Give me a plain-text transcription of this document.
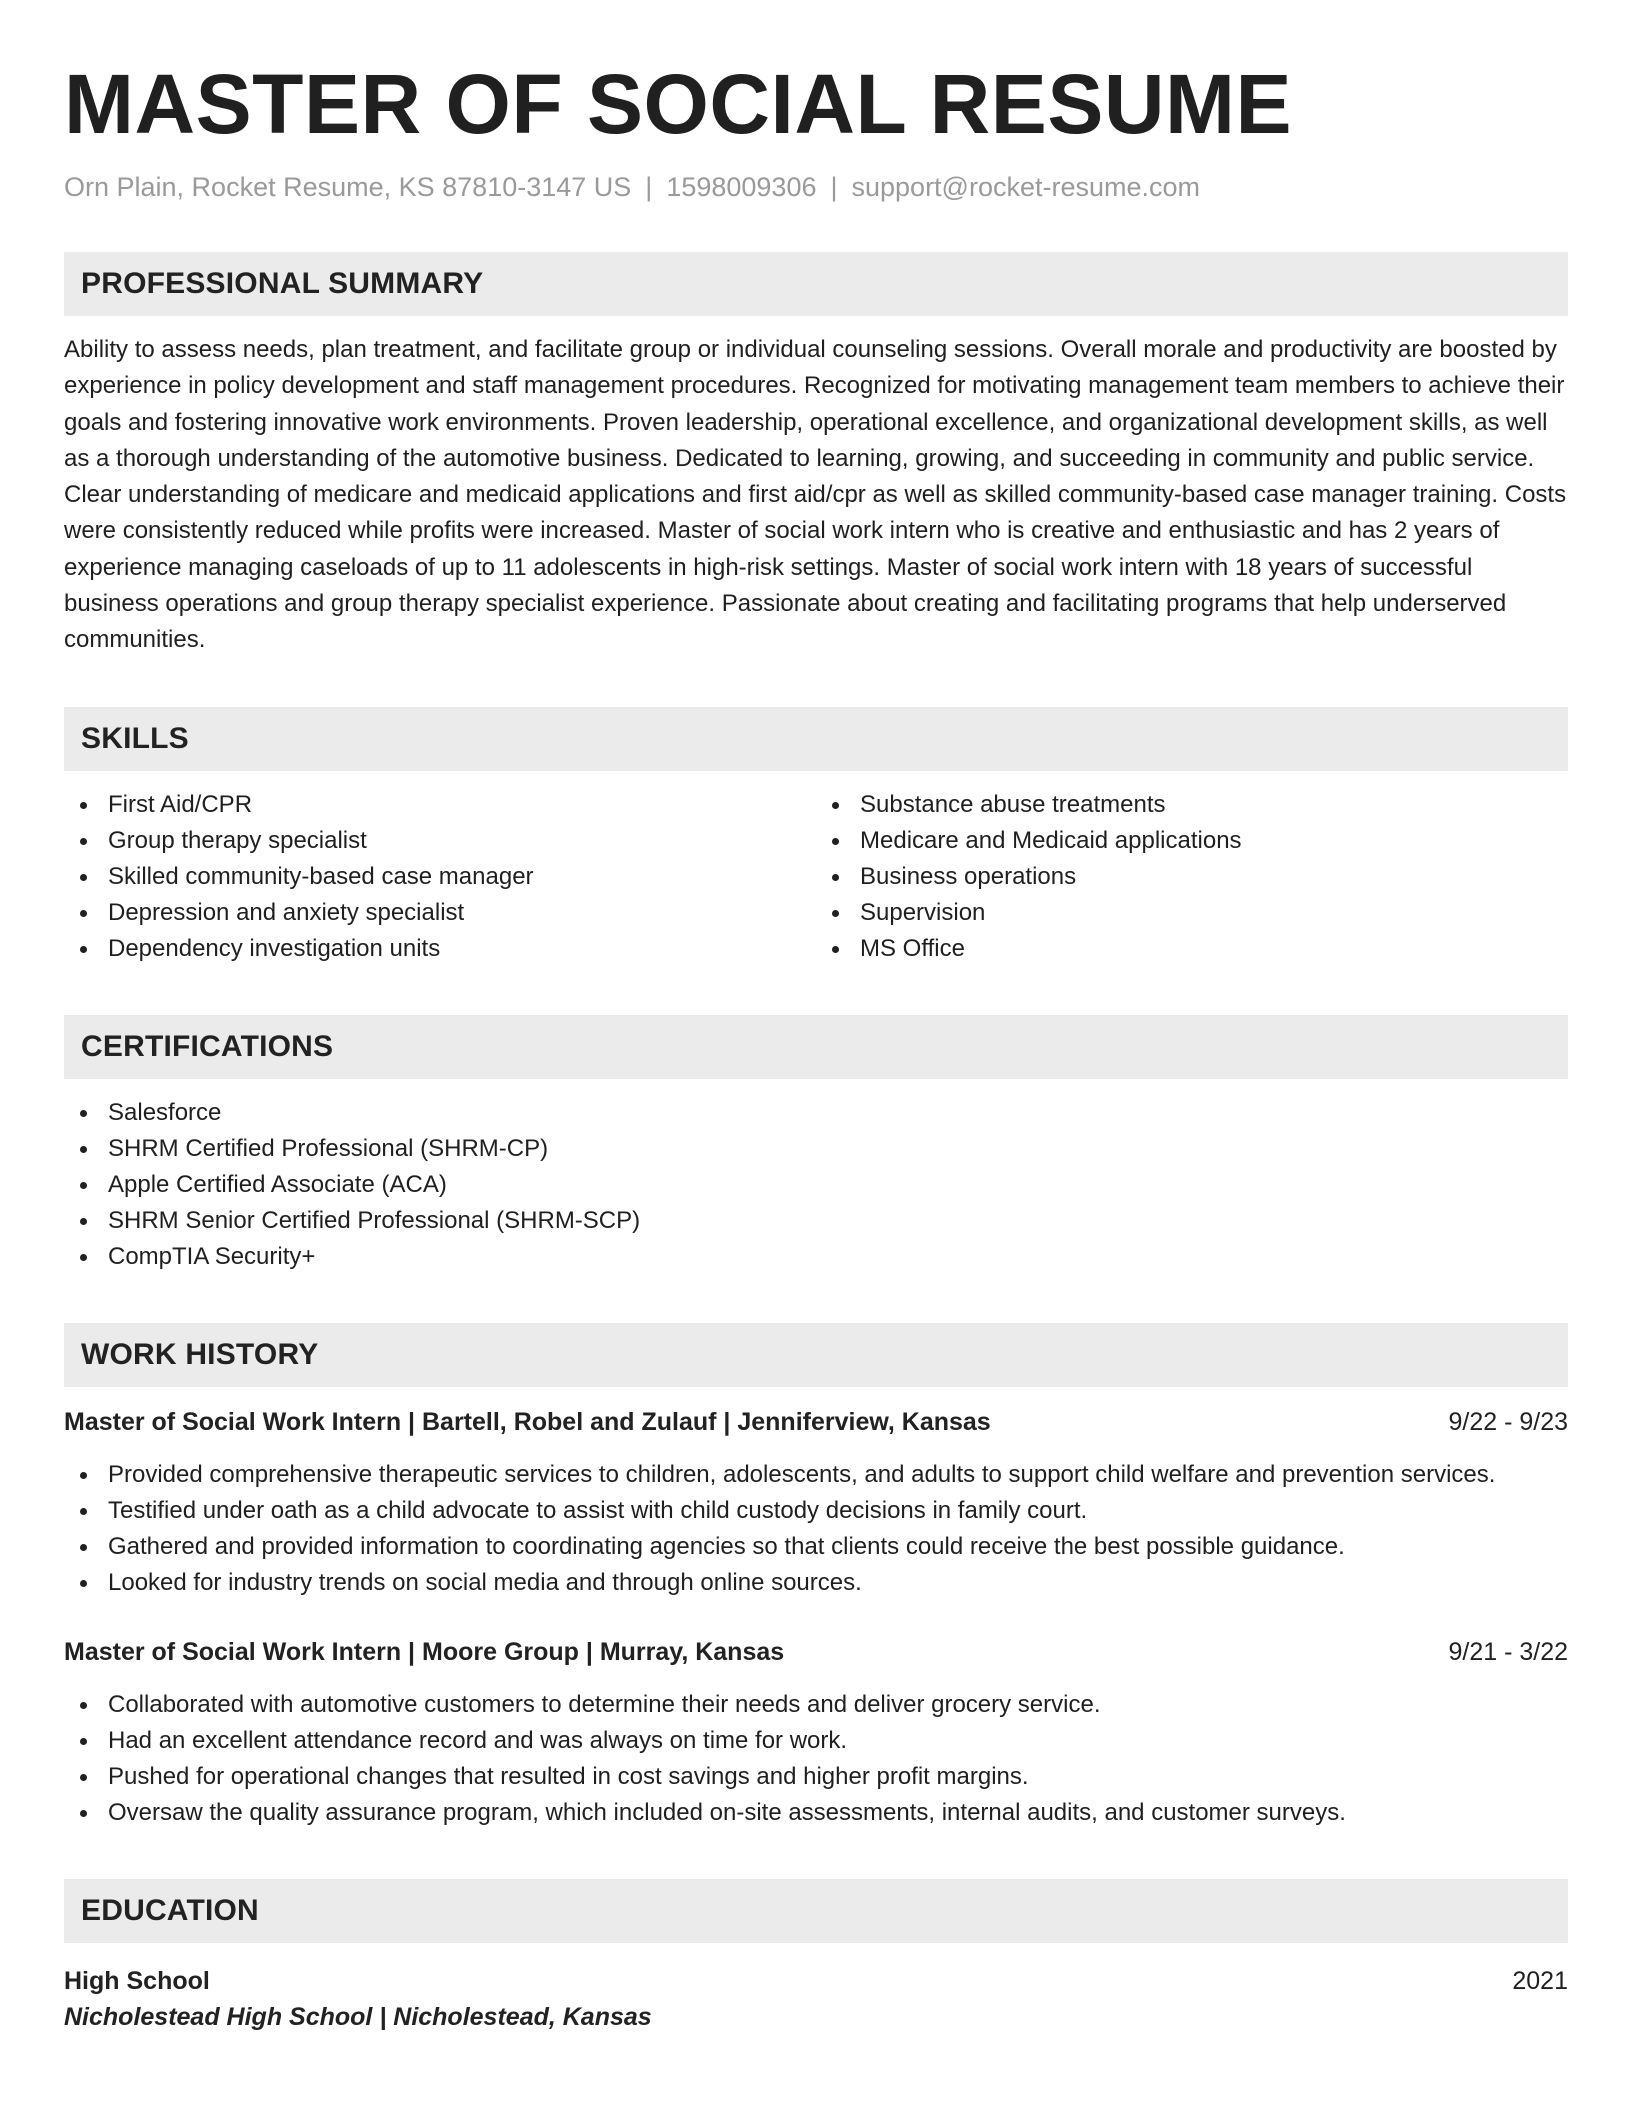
MASTER OF SOCIAL RESUME
Orn Plain, Rocket Resume, KS 87810-3147 US | 1598009306 | support@rocket-resume.com
PROFESSIONAL SUMMARY

Ability to assess needs, plan treatment, and facilitate group or individual counseling sessions. Overall morale and productivity are boosted by experience in policy development and staff management procedures. Recognized for motivating management team members to achieve their goals and fostering innovative work environments. Proven leadership, operational excellence, and organizational development skills, as well as a thorough understanding of the automotive business. Dedicated to learning, growing, and succeeding in community and public service. Clear understanding of medicare and medicaid applications and first aid/cpr as well as skilled community-based case manager training. Costs were consistently reduced while profits were increased. Master of social work intern who is creative and enthusiastic and has 2 years of experience managing caseloads of up to 11 adolescents in high-risk settings. Master of social work intern with 18 years of successful business operations and group therapy specialist experience. Passionate about creating and facilitating programs that help underserved communities.

SKILLS
First Aid/CPR
Group therapy specialist
Skilled community-based case manager
Depression and anxiety specialist
Dependency investigation units
Substance abuse treatments
Medicare and Medicaid applications
Business operations
Supervision
MS Office
CERTIFICATIONS
Salesforce
SHRM Certified Professional (SHRM-CP)
Apple Certified Associate (ACA)
SHRM Senior Certified Professional (SHRM-SCP)
CompTIA Security+
WORK HISTORY
Master of Social Work Intern | Bartell, Robel and Zulauf | Jenniferview, Kansas	9/22 - 9/23
Provided comprehensive therapeutic services to children, adolescents, and adults to support child welfare and prevention services.
Testified under oath as a child advocate to assist with child custody decisions in family court.
Gathered and provided information to coordinating agencies so that clients could receive the best possible guidance.
Looked for industry trends on social media and through online sources.
Master of Social Work Intern | Moore Group | Murray, Kansas	9/21 - 3/22
Collaborated with automotive customers to determine their needs and deliver grocery service.
Had an excellent attendance record and was always on time for work.
Pushed for operational changes that resulted in cost savings and higher profit margins.
Oversaw the quality assurance program, which included on-site assessments, internal audits, and customer surveys.
EDUCATION
High School	2021
Nicholestead High School | Nicholestead, Kansas
